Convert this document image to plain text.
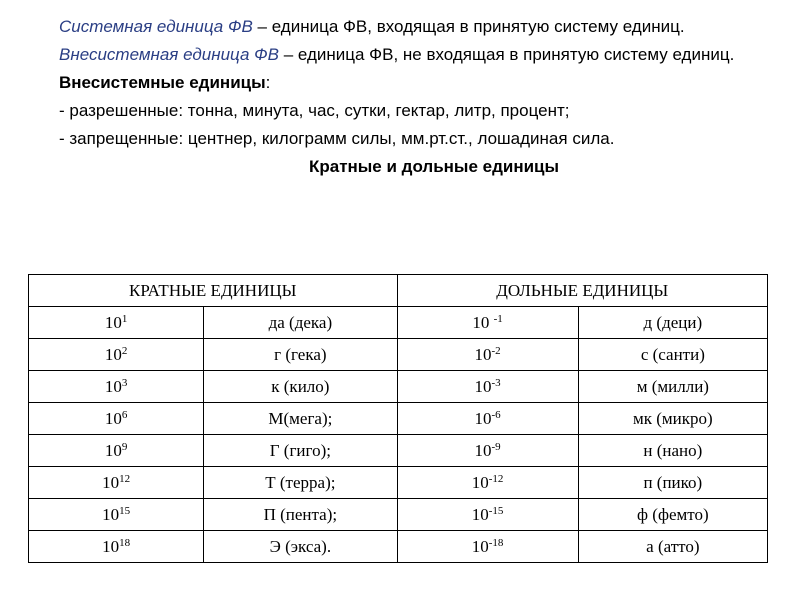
Системная единица ФВ – единица ФВ, входящая в принятую систему единиц.

Внесистемная единица ФВ – единица ФВ, не входящая в принятую систему единиц.

Внесистемные единицы:

- разрешенные: тонна, минута, час, сутки, гектар, литр, процент;

- запрещенные: центнер, килограмм силы, мм.рт.ст., лошадиная сила.

Кратные и дольные единицы

КРАТНЫЕ ЕДИНИЦЫ		ДОЛЬНЫЕ ЕДИНИЦЫ	
$10^1$	да (дека)	10 $^{-1}$	д (деци)
$10^2$	г (гека)	$10^{-2}$	с (санти)
$10^3$	к (кило)	$10^{-3}$	м (милли)
$10^6$	М(мега);	$10^{-6}$	мк (микро)
$10^9$	Г (гиго);	$10^{-9}$	н (нано)
$10^{12}$	Т (терра);	$10^{-12}$	п (пико)
$10^{15}$	П (пента);	$10^{-15}$	ф (фемто)
$10^{18}$	Э (экса).	$10^{-18}$	а (атто)
